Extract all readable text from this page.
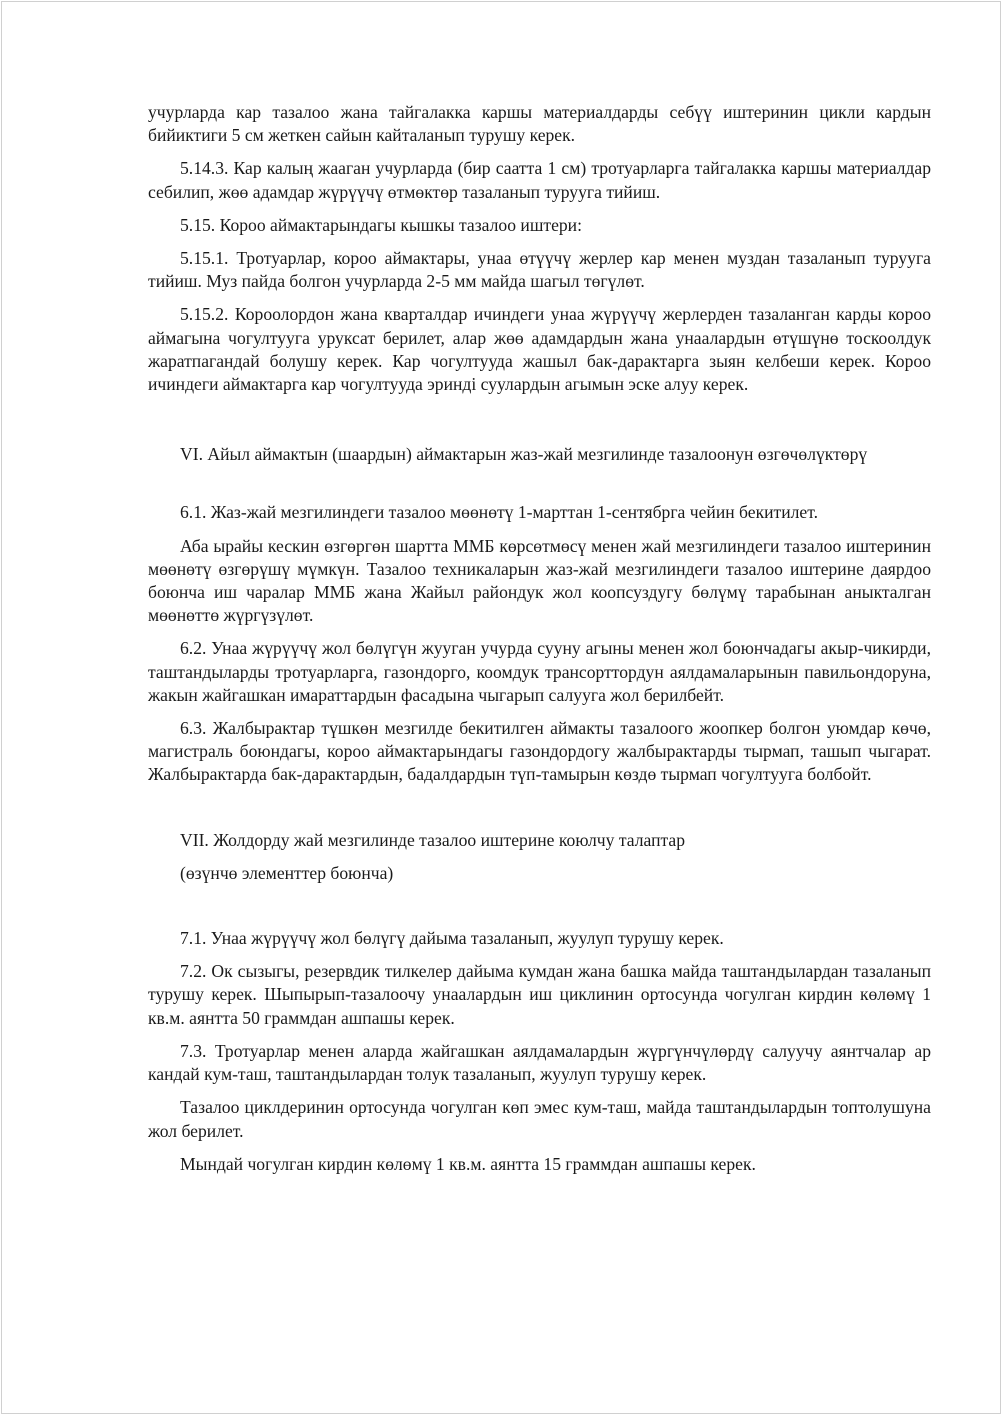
учурларда кар тазалоо жана тайгалакка каршы материалдарды себүү иштеринин цикли кардын бийиктиги 5 см жеткен сайын кайталанып турушу керек.

5.14.3. Кар калың жааган учурларда (бир саатта 1 см) тротуарларга тайгалакка каршы материалдар себилип, жөө адамдар жүрүүчү өтмөктөр тазаланып турууга тийиш.

5.15. Короо аймактарындагы кышкы тазалоо иштери:

5.15.1. Тротуарлар, короо аймактары, унаа өтүүчү жерлер кар менен муздан тазаланып турууга тийиш. Муз пайда болгон учурларда 2-5 мм майда шагыл төгүлөт.

5.15.2. Короолордон жана кварталдар ичиндеги унаа жүрүүчү жерлерден тазаланган карды короо аймагына чогултууга уруксат берилет, алар жөө адамдардын жана унаалардын өтүшүнө тоскоолдук жаратпагандай болушу керек. Кар чогултууда жашыл бак-дарактарга зыян келбеши керек. Короо ичиндеги аймактарга кар чогултууда эриндi суулардын агымын эске алуу керек.

VI. Айыл аймактын (шаардын) аймактарын жаз-жай мезгилинде тазалоонун өзгөчөлүктөрү

6.1. Жаз-жай мезгилиндеги тазалоо мөөнөтү 1-марттан 1-сентябрга чейин бекитилет.

Аба ырайы кескин өзгөргөн шартта ММБ көрсөтмөсү менен жай мезгилиндеги тазалоо иштеринин мөөнөтү өзгөрүшү мүмкүн. Тазалоо техникаларын жаз-жай мезгилиндеги тазалоо иштерине даярдоо боюнча иш чаралар ММБ жана Жайыл райондук жол коопсуздугу бөлүмү тарабынан аныкталган мөөнөттө жүргүзүлөт.

6.2. Унаа жүрүүчү жол бөлүгүн жууган учурда сууну агыны менен жол боюнчадагы акыр-чикирди, таштандыларды тротуарларга, газондорго, коомдук трансорттордун аялдамаларынын павильондоруна, жакын жайгашкан имараттардын фасадына чыгарып салууга жол берилбейт.

6.3. Жалбырактар түшкөн мезгилде бекитилген аймакты тазалоого жоопкер болгон уюмдар көчө, магистраль боюндагы, короо аймактарындагы газондордогу жалбырактарды тырмап, ташып чыгарат. Жалбырактарда бак-дарактардын, бадалдардын түп-тамырын көздө тырмап чогултууга болбойт.

VII. Жолдорду жай мезгилинде тазалоо иштерине коюлчу талаптар

(өзүнчө элементтер боюнча)

7.1. Унаа жүрүүчү жол бөлүгү дайыма тазаланып, жуулуп турушу керек.

7.2. Ок сызыгы, резервдик тилкелер дайыма кумдан жана башка майда таштандылардан тазаланып турушу керек. Шыпырып-тазалоочу унаалардын иш циклинин ортосунда чогулган кирдин көлөмү 1 кв.м. аянтта 50 граммдан ашпашы керек.

7.3. Тротуарлар менен аларда жайгашкан аялдамалардын жүргүнчүлөрдү салуучу аянтчалар ар кандай кум-таш, таштандылардан толук тазаланып, жуулуп турушу керек.

Тазалоо циклдеринин ортосунда чогулган көп эмес кум-таш, майда таштандылардын топтолушуна жол берилет.

Мындай чогулган кирдин көлөмү 1 кв.м. аянтта 15 граммдан ашпашы керек.
